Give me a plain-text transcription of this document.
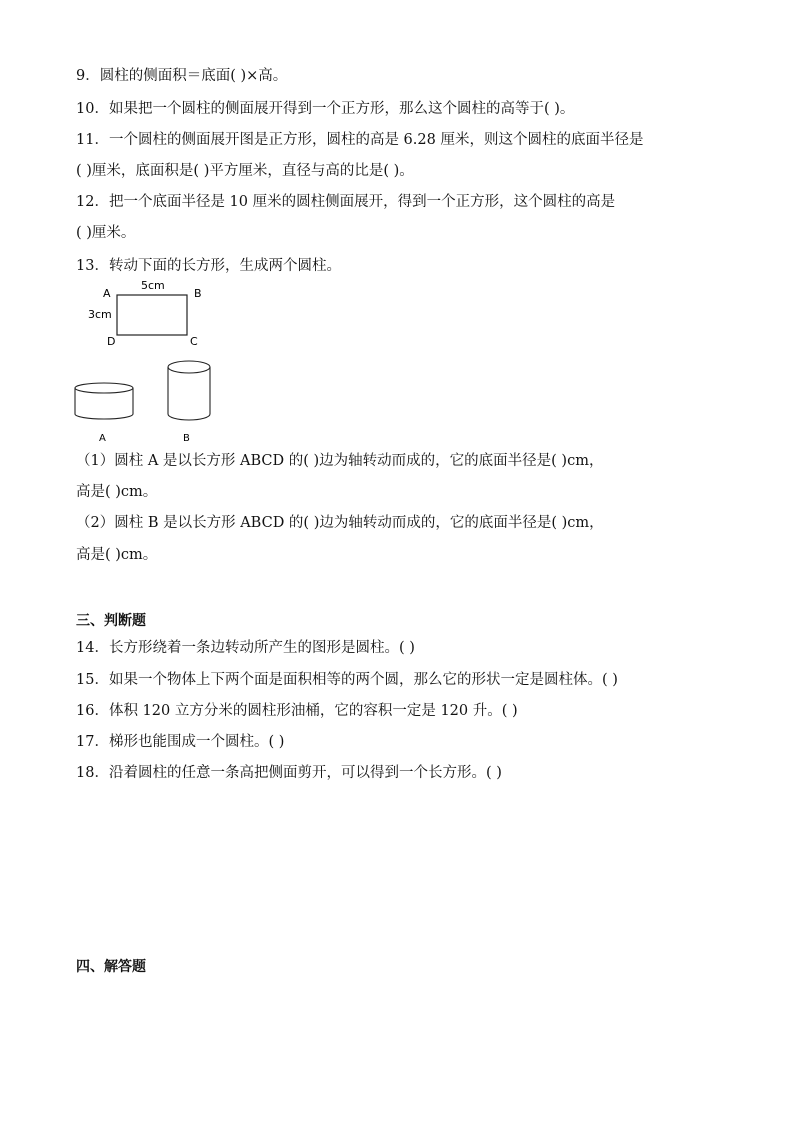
9．圆柱的侧面积＝底面( )×高。
10．如果把一个圆柱的侧面展开得到一个正方形，那么这个圆柱的高等于( )。
11．一个圆柱的侧面展开图是正方形，圆柱的高是 6.28 厘米，则这个圆柱的底面半径是
( )厘米，底面积是( )平方厘米，直径与高的比是( )。
12．把一个底面半径是 10 厘米的圆柱侧面展开，得到一个正方形，这个圆柱的高是
( )厘米。
13．转动下面的长方形，生成两个圆柱。
A	B
C
D
5cm
3cm
A	B
（1）圆柱 A 是以长方形 ABCD 的( )边为轴转动而成的，它的底面半径是( )cm，
高是( )cm。
（2）圆柱 B 是以长方形 ABCD 的( )边为轴转动而成的，它的底面半径是( )cm，
高是( )cm。
三、判断题
14．长方形绕着一条边转动所产生的图形是圆柱。( )
15．如果一个物体上下两个面是面积相等的两个圆，那么它的形状一定是圆柱体。( )
16．体积 120 立方分米的圆柱形油桶，它的容积一定是 120 升。( )
17．梯形也能围成一个圆柱。( )
18．沿着圆柱的任意一条高把侧面剪开，可以得到一个长方形。( )
四、解答题
